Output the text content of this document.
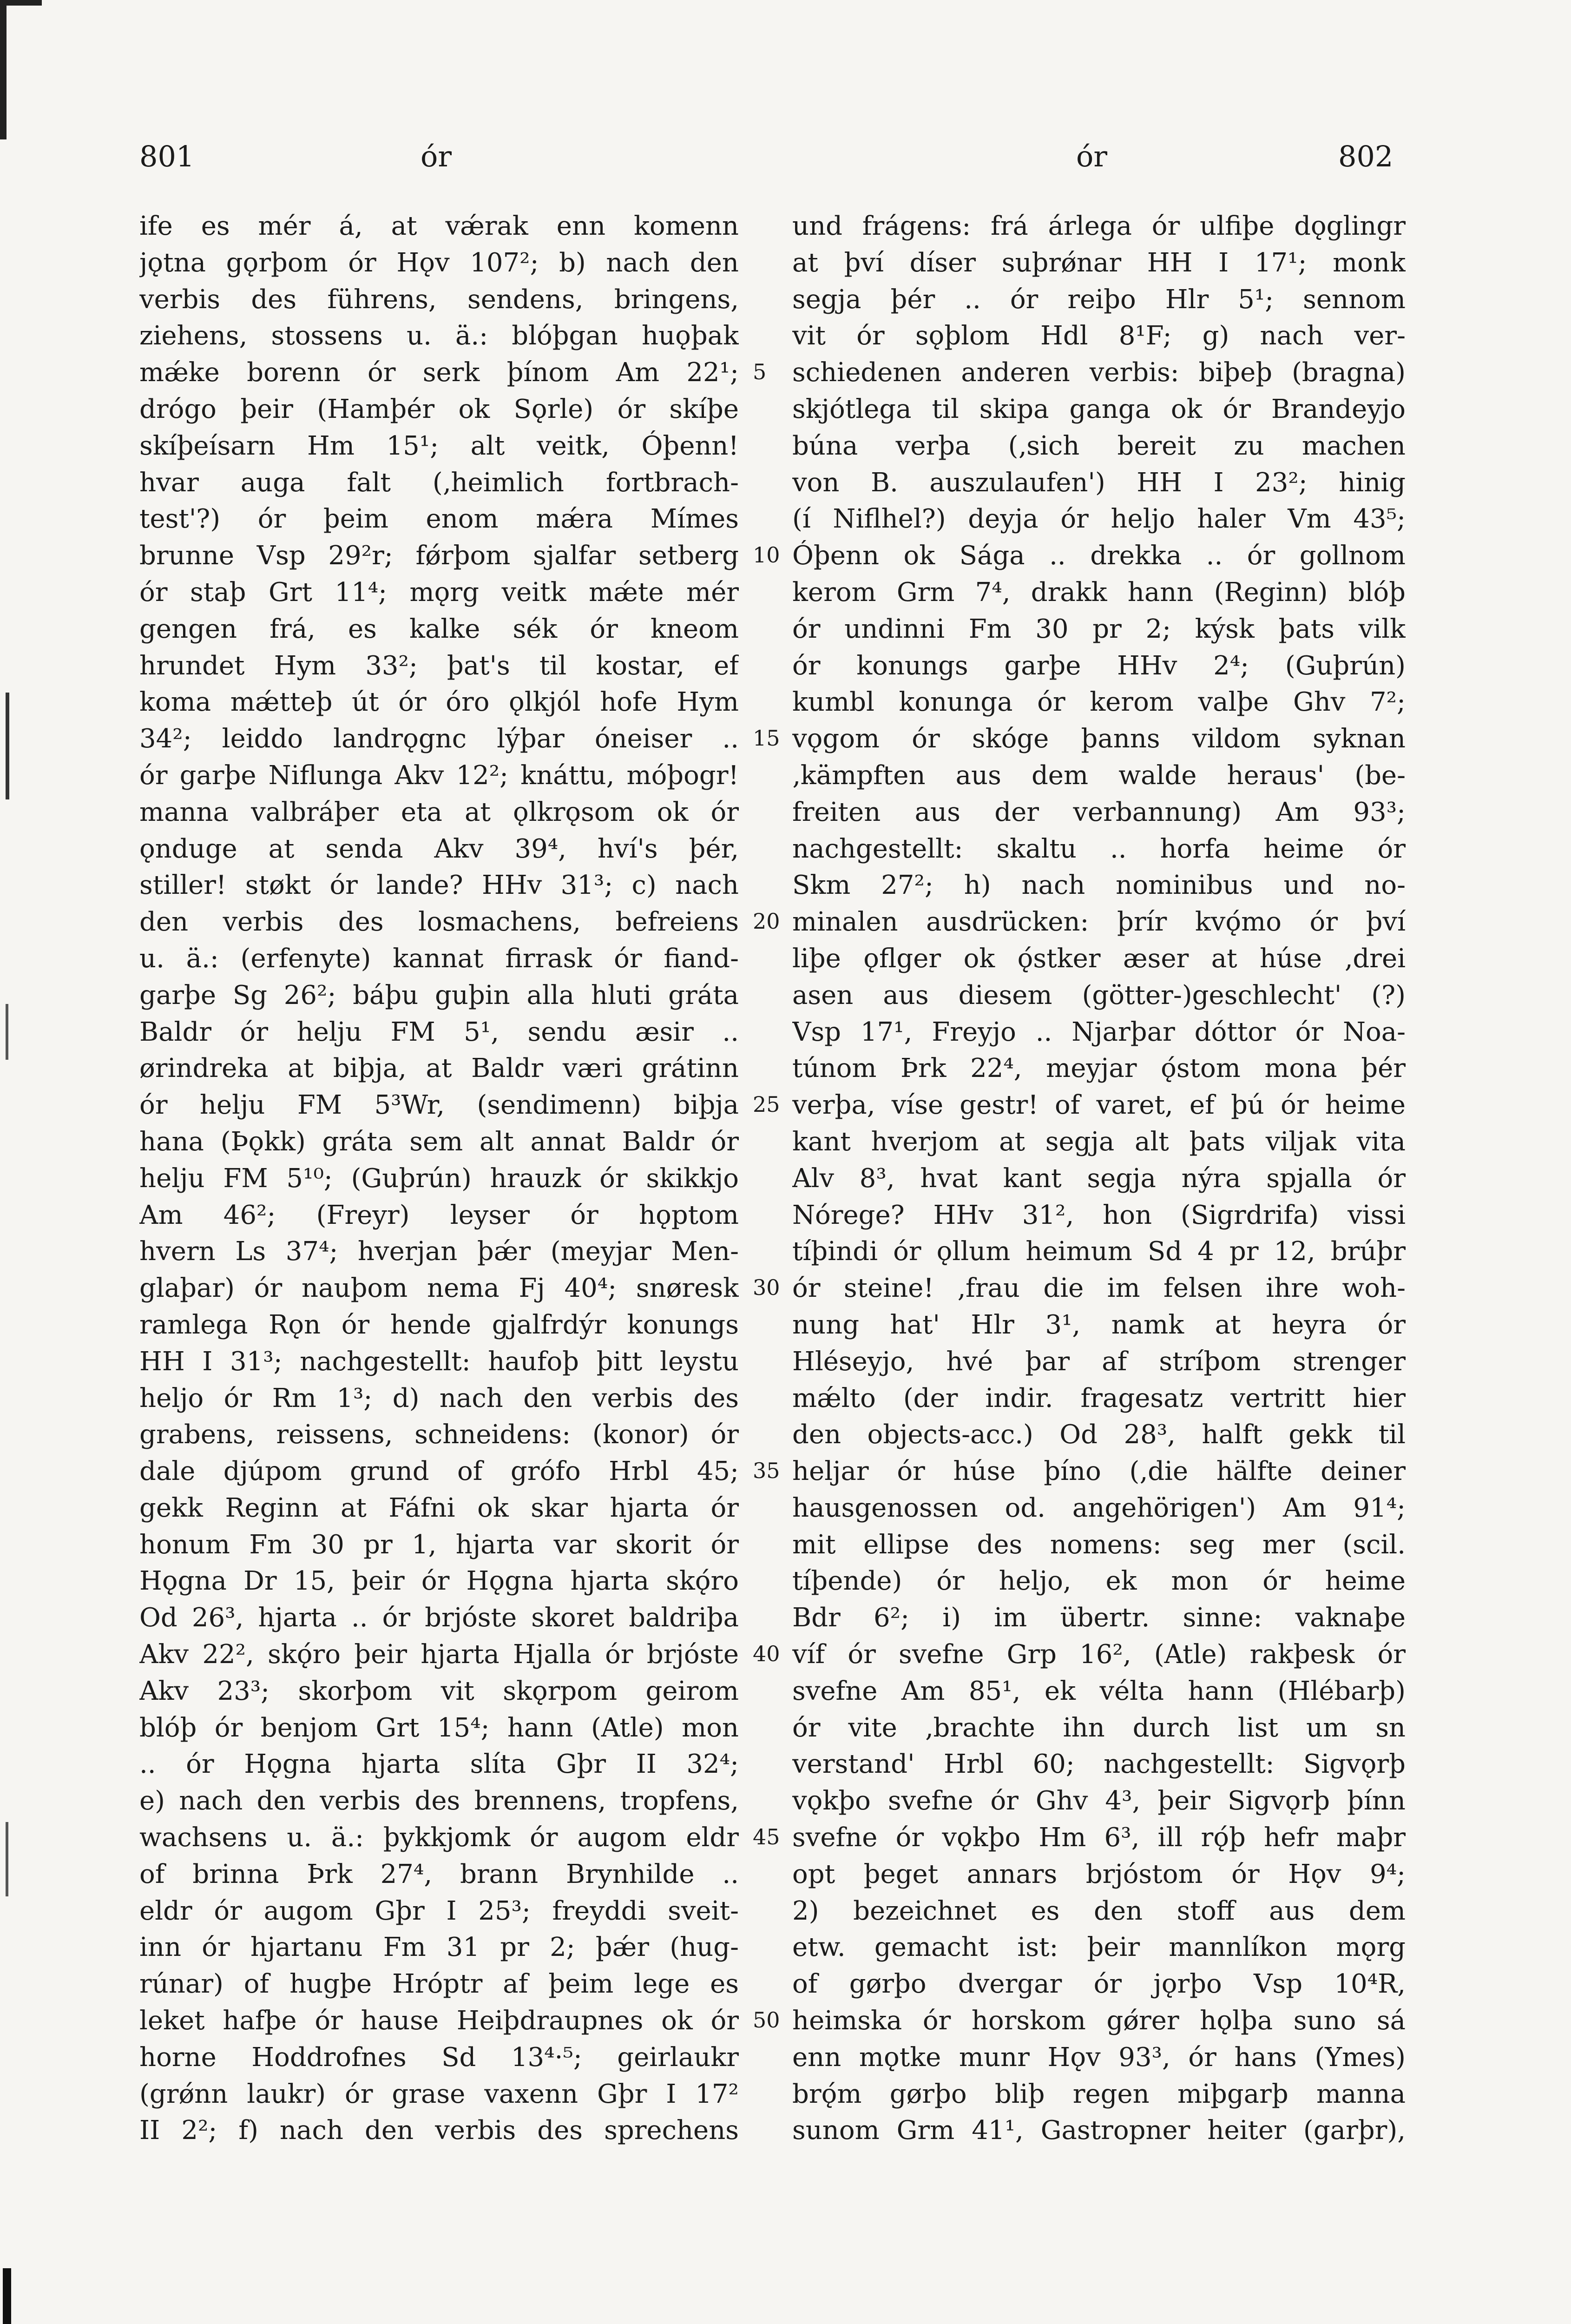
801	ór	ór	802
ife es mér á, at vǽrak enn komenn
jǫtna gǫrþom ór Hǫv 107²; b) nach den
verbis des führens, sendens, bringens,
ziehens, stossens u. ä.: blóþgan huǫþak
mǽke borenn ór serk þínom Am 22¹;
drógo þeir (Hamþér ok Sǫrle) ór skíþe
skíþeísarn Hm 15¹; alt veitk, Óþenn!
hvar auga falt (‚heimlich fortbrach-
test'?) ór þeim enom mǽra Mímes
brunne Vsp 29²r; fǿrþom sjalfar setberg
ór staþ Grt 11⁴; mǫrg veitk mǽte mér
gengen frá, es kalke sék ór kneom
hrundet Hym 33²; þat's til kostar, ef
koma mǽtteþ út ór óro ǫlkjól hofe Hym
34²; leiddo landrǫgnc lýþar óneiser ..
ór garþe Niflunga Akv 12²; knáttu, móþogr!
manna valbráþer eta at ǫlkrǫsom ok ór
ǫnduge at senda Akv 39⁴, hví's þér,
stiller! støkt ór lande? HHv 31³; c) nach
den verbis des losmachens, befreiens
u. ä.: (erfenyte) kannat firrask ór fiand-
garþe Sg 26²; báþu guþin alla hluti gráta
Baldr ór helju FM 5¹, sendu æsir ..
ørindreka at biþja, at Baldr væri grátinn
ór helju FM 5³Wr, (sendimenn) biþja
hana (Þǫkk) gráta sem alt annat Baldr ór
helju FM 5¹⁰; (Guþrún) hrauzk ór skikkjo
Am 46²; (Freyr) leyser ór hǫptom
hvern Ls 37⁴; hverjan þǽr (meyjar Men-
glaþar) ór nauþom nema Fj 40⁴; snøresk
ramlega Rǫn ór hende gjalfrdýr konungs
HH I 31³; nachgestellt: haufoþ þitt leystu
heljo ór Rm 1³; d) nach den verbis des
grabens, reissens, schneidens: (konor) ór
dale djúpom grund of grófo Hrbl 45;
gekk Reginn at Fáfni ok skar hjarta ór
honum Fm 30 pr 1, hjarta var skorit ór
Hǫgna Dr 15, þeir ór Hǫgna hjarta skǫ́ro
Od 26³, hjarta .. ór brjóste skoret baldriþa
Akv 22², skǫ́ro þeir hjarta Hjalla ór brjóste
Akv 23³; skorþom vit skǫrpom geirom
blóþ ór benjom Grt 15⁴; hann (Atle) mon
.. ór Hǫgna hjarta slíta Gþr II 32⁴;
e) nach den verbis des brennens, tropfens,
wachsens u. ä.: þykkjomk ór augom eldr
of brinna Þrk 27⁴, brann Brynhilde ..
eldr ór augom Gþr I 25³; freyddi sveit-
inn ór hjartanu Fm 31 pr 2; þǽr (hug-
rúnar) of hugþe Hróptr af þeim lege es
leket hafþe ór hause Heiþdraupnes ok ór
horne Hoddrofnes Sd 13⁴·⁵; geirlaukr
(grǿnn laukr) ór grase vaxenn Gþr I 17²
II 2²; f) nach den verbis des sprechens
5
10
15
20
25
30
35
40
45
50
und frágens: frá árlega ór ulfiþe dǫglingr
at því díser suþrǿnar HH I 17¹; monk
segja þér .. ór reiþo Hlr 5¹; sennom
vit ór sǫþlom Hdl 8¹F; g) nach ver-
schiedenen anderen verbis: biþeþ (bragna)
skjótlega til skipa ganga ok ór Brandeyjo
búna verþa (‚sich bereit zu machen
von B. auszulaufen') HH I 23²; hinig
(í Niflhel?) deyja ór heljo haler Vm 43⁵;
Óþenn ok Sága .. drekka .. ór gollnom
kerom Grm 7⁴, drakk hann (Reginn) blóþ
ór undinni Fm 30 pr 2; kýsk þats vilk
ór konungs garþe HHv 2⁴; (Guþrún)
kumbl konunga ór kerom valþe Ghv 7²;
vǫgom ór skóge þanns vildom syknan
‚kämpften aus dem walde heraus' (be-
freiten aus der verbannung) Am 93³;
nachgestellt: skaltu .. horfa heime ór
Skm 27²; h) nach nominibus und no-
minalen ausdrücken: þrír kvǫ́mo ór því
liþe ǫflger ok ǫ́stker æser at húse ‚drei
asen aus diesem (götter-)geschlecht' (?)
Vsp 17¹, Freyjo .. Njarþar dóttor ór Noa-
túnom Þrk 22⁴, meyjar ǫ́stom mona þér
verþa, víse gestr! of varet, ef þú ór heime
kant hverjom at segja alt þats viljak vita
Alv 8³, hvat kant segja nýra spjalla ór
Nórege? HHv 31², hon (Sigrdrifa) vissi
tíþindi ór ǫllum heimum Sd 4 pr 12, brúþr
ór steine! ‚frau die im felsen ihre woh-
nung hat' Hlr 3¹, namk at heyra ór
Hléseyjo, hvé þar af stríþom strenger
mǽlto (der indir. fragesatz vertritt hier
den objects-acc.) Od 28³, halft gekk til
heljar ór húse þíno (‚die hälfte deiner
hausgenossen od. angehörigen') Am 91⁴;
mit ellipse des nomens: seg mer (scil.
tíþende) ór heljo, ek mon ór heime
Bdr 6²; i) im übertr. sinne: vaknaþe
víf ór svefne Grp 16², (Atle) rakþesk ór
svefne Am 85¹, ek vélta hann (Hlébarþ)
ór vite ‚brachte ihn durch list um sn
verstand' Hrbl 60; nachgestellt: Sigvǫrþ
vǫkþo svefne ór Ghv 4³, þeir Sigvǫrþ þínn
svefne ór vǫkþo Hm 6³, ill rǫ́þ hefr maþr
opt þeget annars brjóstom ór Hǫv 9⁴;
2) bezeichnet es den stoff aus dem
etw. gemacht ist: þeir mannlíkon mǫrg
of gørþo dvergar ór jǫrþo Vsp 10⁴R,
heimska ór horskom gǿrer hǫlþa suno sá
enn mǫtke munr Hǫv 93³, ór hans (Ymes)
brǫ́m gørþo bliþ regen miþgarþ manna
sunom Grm 41¹, Gastropner heiter (garþr),
